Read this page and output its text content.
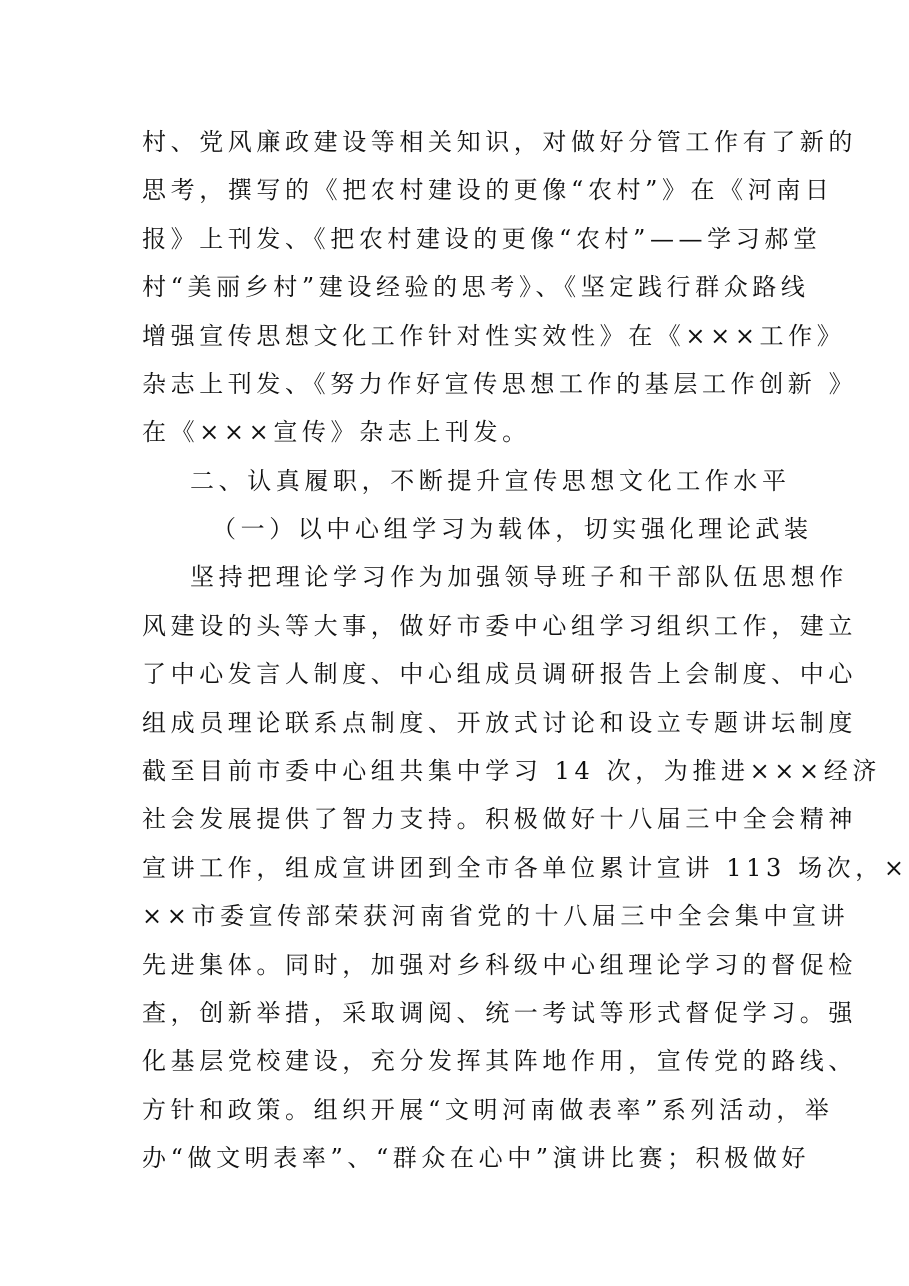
村、党风廉政建设等相关知识，对做好分管工作有了新的
思考，撰写的《把农村建设的更像“农村”》在《河南日
报》上刊发、《把农村建设的更像“农村”——学习郝堂
村“美丽乡村”建设经验的思考》、《坚定践行群众路线
增强宣传思想文化工作针对性实效性》在《×××工作》
杂志上刊发、《努力作好宣传思想工作的基层工作创新 》
在《×××宣传》杂志上刊发。
二、认真履职，不断提升宣传思想文化工作水平
（一）以中心组学习为载体，切实强化理论武装
坚持把理论学习作为加强领导班子和干部队伍思想作
风建设的头等大事，做好市委中心组学习组织工作，建立
了中心发言人制度、中心组成员调研报告上会制度、中心
组成员理论联系点制度、开放式讨论和设立专题讲坛制度
截至目前市委中心组共集中学习 14 次，为推进×××经济
社会发展提供了智力支持。积极做好十八届三中全会精神
宣讲工作，组成宣讲团到全市各单位累计宣讲 113 场次，×
××市委宣传部荣获河南省党的十八届三中全会集中宣讲
先进集体。同时，加强对乡科级中心组理论学习的督促检
查，创新举措，采取调阅、统一考试等形式督促学习。强
化基层党校建设，充分发挥其阵地作用，宣传党的路线、
方针和政策。组织开展“文明河南做表率”系列活动，举
办“做文明表率”、“群众在心中”演讲比赛；积极做好
